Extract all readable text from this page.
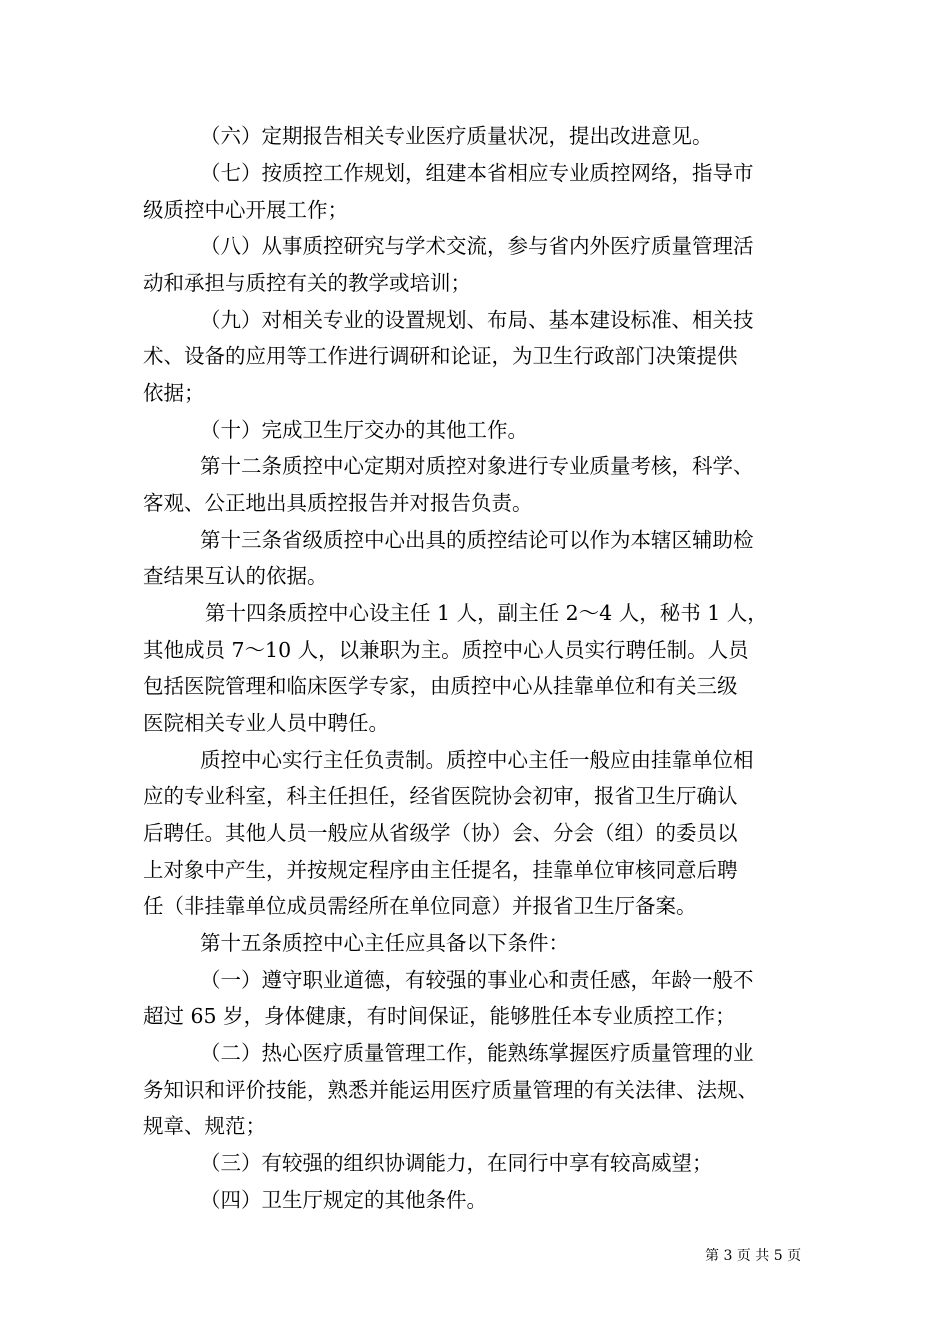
（六）定期报告相关专业医疗质量状况，提出改进意见。
（七）按质控工作规划，组建本省相应专业质控网络，指导市
级质控中心开展工作；
（八）从事质控研究与学术交流，参与省内外医疗质量管理活
动和承担与质控有关的教学或培训；
（九）对相关专业的设置规划、布局、基本建设标准、相关技
术、设备的应用等工作进行调研和论证，为卫生行政部门决策提供
依据；
（十）完成卫生厅交办的其他工作。
第十二条质控中心定期对质控对象进行专业质量考核，科学、
客观、公正地出具质控报告并对报告负责。
第十三条省级质控中心出具的质控结论可以作为本辖区辅助检
查结果互认的依据。
第十四条质控中心设主任 1 人，副主任 2～4 人，秘书 1 人，
其他成员 7～10 人，以兼职为主。质控中心人员实行聘任制。人员
包括医院管理和临床医学专家，由质控中心从挂靠单位和有关三级
医院相关专业人员中聘任。
质控中心实行主任负责制。质控中心主任一般应由挂靠单位相
应的专业科室，科主任担任，经省医院协会初审，报省卫生厅确认
后聘任。其他人员一般应从省级学（协）会、分会（组）的委员以
上对象中产生，并按规定程序由主任提名，挂靠单位审核同意后聘
任（非挂靠单位成员需经所在单位同意）并报省卫生厅备案。
第十五条质控中心主任应具备以下条件：
（一）遵守职业道德，有较强的事业心和责任感，年龄一般不
超过 65 岁，身体健康，有时间保证，能够胜任本专业质控工作；
（二）热心医疗质量管理工作，能熟练掌握医疗质量管理的业
务知识和评价技能，熟悉并能运用医疗质量管理的有关法律、法规、
规章、规范；
（三）有较强的组织协调能力，在同行中享有较高威望；
（四）卫生厅规定的其他条件。
第 3 页 共 5 页
